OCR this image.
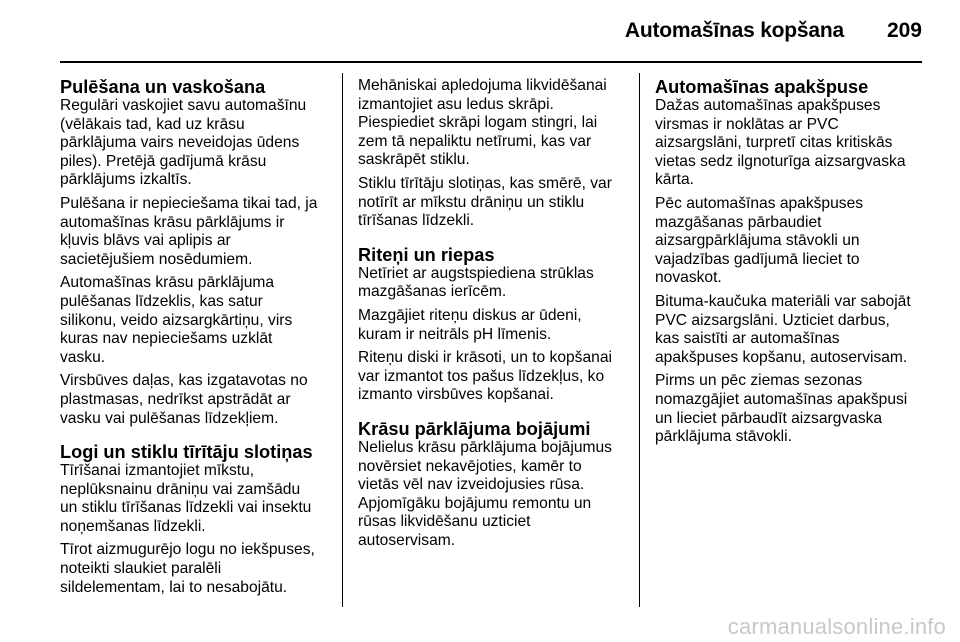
Automašīnas kopšana 209
Pulēšana un vaskošana

Regulāri vaskojiet savu automašīnu
(vēlākais tad, kad uz krāsu
pārklājuma vairs neveidojas ūdens
piles). Pretējā gadījumā krāsu
pārklājums izkaltīs.

Pulēšana ir nepieciešama tikai tad, ja
automašīnas krāsu pārklājums ir
kļuvis blāvs vai aplipis ar
sacietējušiem nosēdumiem.

Automašīnas krāsu pārklājuma
pulēšanas līdzeklis, kas satur
silikonu, veido aizsargkārtiņu, virs
kuras nav nepieciešams uzklāt
vasku.

Virsbūves daļas, kas izgatavotas no
plastmasas, nedrīkst apstrādāt ar
vasku vai pulēšanas līdzekļiem.

Logi un stiklu tīrītāju slotiņas

Tīrīšanai izmantojiet mīkstu,
neplūksnainu drāniņu vai zamšādu
un stiklu tīrīšanas līdzekli vai insektu
noņemšanas līdzekli.

Tīrot aizmugurējo logu no iekšpuses,
noteikti slaukiet paralēli
sildelementam, lai to nesabojātu.

Mehāniskai apledojuma likvidēšanai
izmantojiet asu ledus skrāpi.
Piespiediet skrāpi logam stingri, lai
zem tā nepaliktu netīrumi, kas var
saskrāpēt stiklu.

Stiklu tīrītāju slotiņas, kas smērē, var
notīrīt ar mīkstu drāniņu un stiklu
tīrīšanas līdzekli.

Riteņi un riepas

Netīriet ar augstspiediena strūklas
mazgāšanas ierīcēm.

Mazgājiet riteņu diskus ar ūdeni,
kuram ir neitrāls pH līmenis.

Riteņu diski ir krāsoti, un to kopšanai
var izmantot tos pašus līdzekļus, ko
izmanto virsbūves kopšanai.

Krāsu pārklājuma bojājumi

Nelielus krāsu pārklājuma bojājumus
novērsiet nekavējoties, kamēr to
vietās vēl nav izveidojusies rūsa.
Apjomīgāku bojājumu remontu un
rūsas likvidēšanu uzticiet
autoservisam.

Automašīnas apakšpuse

Dažas automašīnas apakšpuses
virsmas ir noklātas ar PVC
aizsargslāni, turpretī citas kritiskās
vietas sedz ilgnoturīga aizsargvaska
kārta.

Pēc automašīnas apakšpuses
mazgāšanas pārbaudiet
aizsargpārklājuma stāvokli un
vajadzības gadījumā lieciet to
novaskot.

Bituma-kaučuka materiāli var sabojāt
PVC aizsargslāni. Uzticiet darbus,
kas saistīti ar automašīnas
apakšpuses kopšanu, autoservisam.

Pirms un pēc ziemas sezonas
nomazgājiet automašīnas apakšpusi
un lieciet pārbaudīt aizsargvaska
pārklājuma stāvokli.

carmanualsonline.info
